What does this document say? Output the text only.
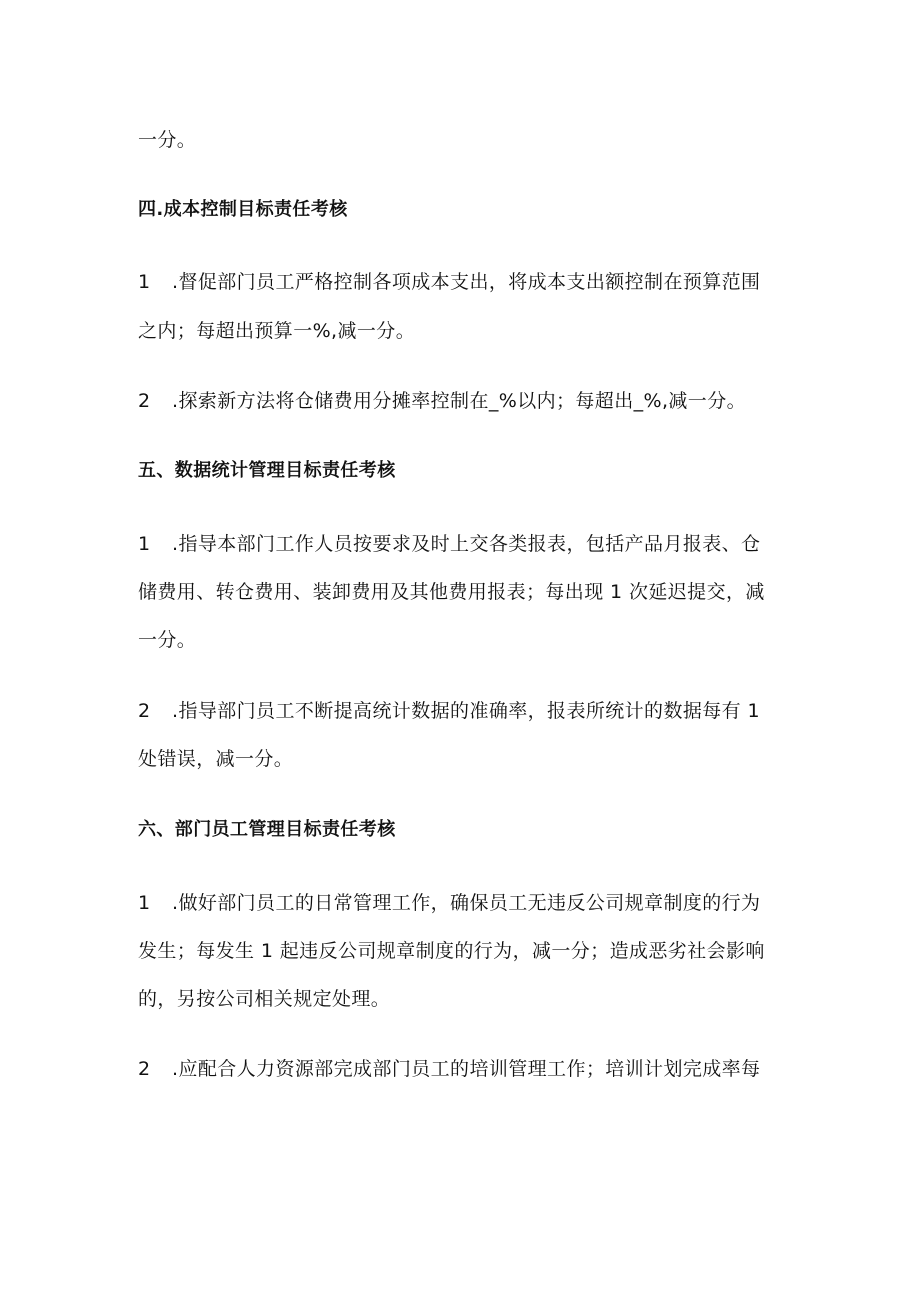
一分。
四.成本控制目标责任考核
1 .督促部门员工严格控制各项成本支出，将成本支出额控制在预算范围
之内；每超出预算一%,减一分。
2 .探索新方法将仓储费用分摊率控制在_%以内；每超出_%,减一分。
五、数据统计管理目标责任考核
1 .指导本部门工作人员按要求及时上交各类报表，包括产品月报表、仓
储费用、转仓费用、装卸费用及其他费用报表；每出现 1 次延迟提交，减
一分。
2 .指导部门员工不断提高统计数据的准确率，报表所统计的数据每有 1
处错误，减一分。
六、部门员工管理目标责任考核
1 .做好部门员工的日常管理工作，确保员工无违反公司规章制度的行为
发生；每发生 1 起违反公司规章制度的行为，减一分；造成恶劣社会影响
的，另按公司相关规定处理。
2 .应配合人力资源部完成部门员工的培训管理工作；培训计划完成率每
